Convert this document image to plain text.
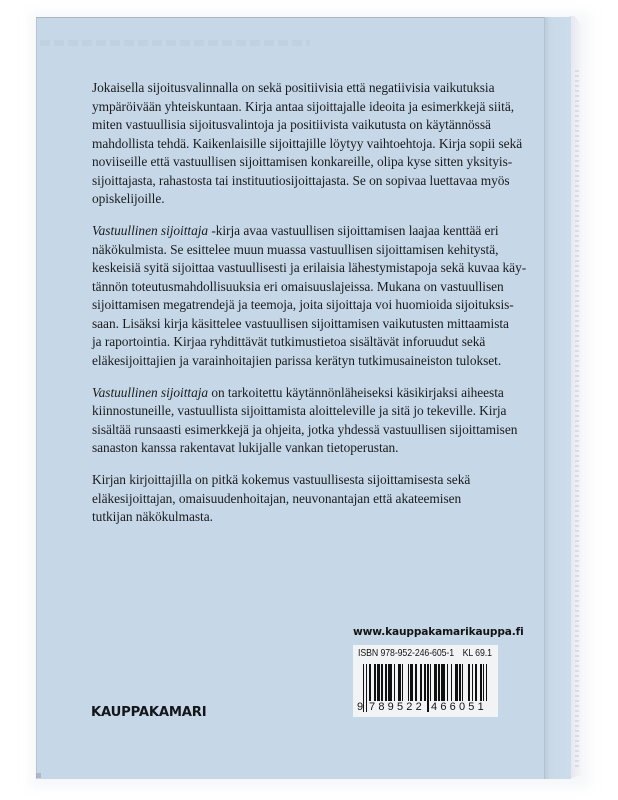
Jokaisella sijoitusvalinnalla on sekä positiivisia että negatiivisia vaikutuksia
ympäröivään yhteiskuntaan. Kirja antaa sijoittajalle ideoita ja esimerkkejä siitä,
miten vastuullisia sijoitusvalintoja ja positiivista vaikutusta on käytännössä
mahdollista tehdä. Kaikenlaisille sijoittajille löytyy vaihtoehtoja. Kirja sopii sekä
noviiseille että vastuullisen sijoittamisen konkareille, olipa kyse sitten yksityis-
sijoittajasta, rahastosta tai instituutiosijoittajasta. Se on sopivaa luettavaa myös
opiskelijoille.

Vastuullinen sijoittaja -kirja avaa vastuullisen sijoittamisen laajaa kenttää eri
näkökulmista. Se esittelee muun muassa vastuullisen sijoittamisen kehitystä,
keskeisiä syitä sijoittaa vastuullisesti ja erilaisia lähestymistapoja sekä kuvaa käy-
tännön toteutusmahdollisuuksia eri omaisuuslajeissa. Mukana on vastuullisen
sijoittamisen megatrendejä ja teemoja, joita sijoittaja voi huomioida sijoituksis-
saan. Lisäksi kirja käsittelee vastuullisen sijoittamisen vaikutusten mittaamista
ja raportointia. Kirjaa ryhdittävät tutkimustietoa sisältävät inforuudut sekä
eläkesijoittajien ja varainhoitajien parissa kerätyn tutkimusaineiston tulokset.

Vastuullinen sijoittaja on tarkoitettu käytännönläheiseksi käsikirjaksi aiheesta
kiinnostuneille, vastuullista sijoittamista aloitteleville ja sitä jo tekeville. Kirja
sisältää runsaasti esimerkkejä ja ohjeita, jotka yhdessä vastuullisen sijoittamisen
sanaston kanssa rakentavat lukijalle vankan tietoperustan.

Kirjan kirjoittajilla on pitkä kokemus vastuullisesta sijoittamisesta sekä
eläkesijoittajan, omaisuudenhoitajan, neuvonantajan että akateemisen
tutkijan näkökulmasta.

www.kauppakamarikauppa.fi
ISBN 978-952-246-605-1 KL 69.1
9 789522 466051
KAUPPAKAMARI
